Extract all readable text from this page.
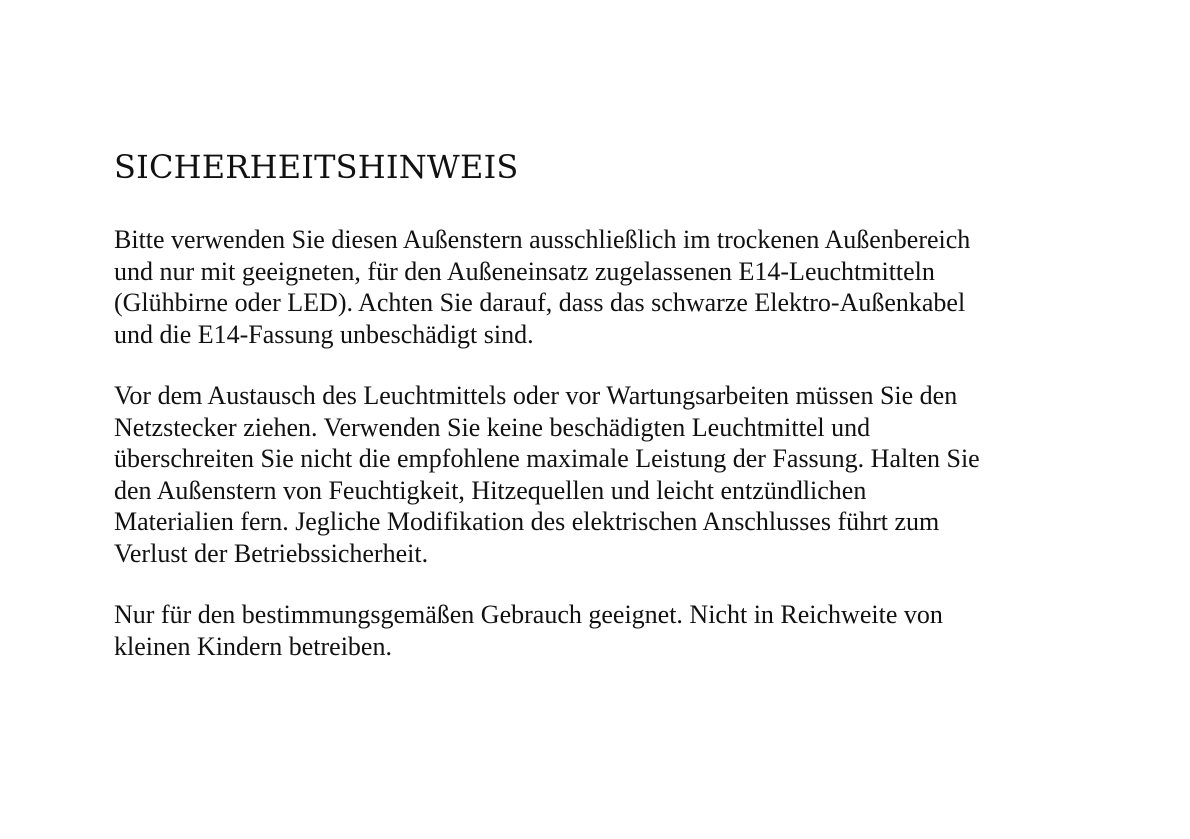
SICHERHEITSHINWEIS

Bitte verwenden Sie diesen Außenstern ausschließlich im trockenen Außenbereich
und nur mit geeigneten, für den Außeneinsatz zugelassenen E14-Leuchtmitteln
(Glühbirne oder LED). Achten Sie darauf, dass das schwarze Elektro-Außenkabel
und die E14-Fassung unbeschädigt sind.

Vor dem Austausch des Leuchtmittels oder vor Wartungsarbeiten müssen Sie den
Netzstecker ziehen. Verwenden Sie keine beschädigten Leuchtmittel und
überschreiten Sie nicht die empfohlene maximale Leistung der Fassung. Halten Sie
den Außenstern von Feuchtigkeit, Hitzequellen und leicht entzündlichen
Materialien fern. Jegliche Modifikation des elektrischen Anschlusses führt zum
Verlust der Betriebssicherheit.

Nur für den bestimmungsgemäßen Gebrauch geeignet. Nicht in Reichweite von
kleinen Kindern betreiben.
